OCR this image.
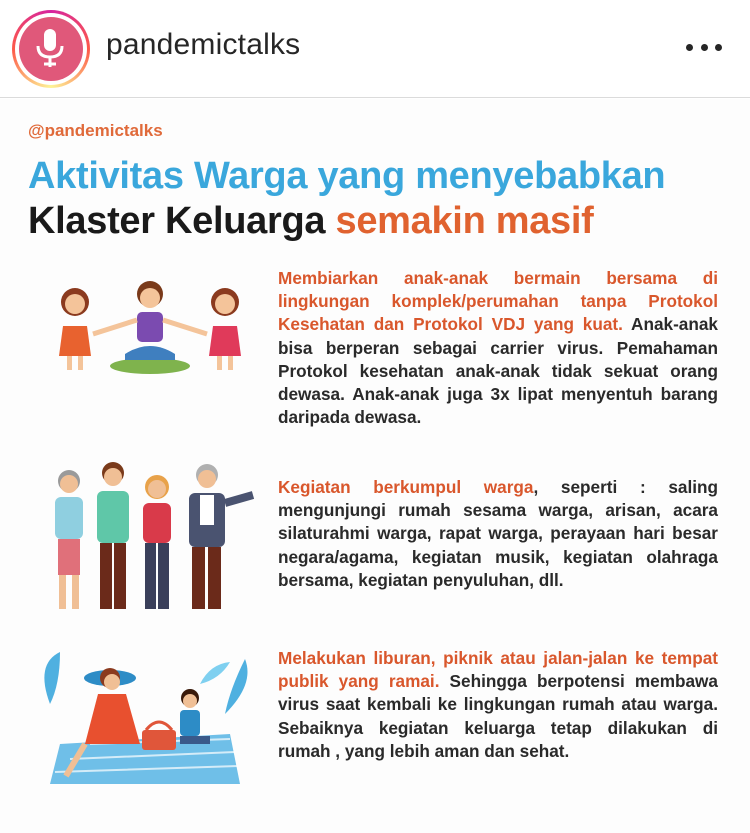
pandemictalks
@pandemictalks
Aktivitas Warga yang menyebabkan
Klaster Keluarga semakin masif
Membiarkan anak-anak bermain bersama di lingkungan komplek/perumahan tanpa Protokol Kesehatan dan Protokol VDJ yang kuat. Anak-anak bisa berperan sebagai carrier virus. Pemahaman Protokol kesehatan anak-anak tidak sekuat orang dewasa. Anak-anak juga 3x lipat menyentuh barang daripada dewasa.
Kegiatan berkumpul warga, seperti : saling mengunjungi rumah sesama warga, arisan, acara silaturahmi warga, rapat warga, perayaan hari besar negara/agama, kegiatan musik, kegiatan olahraga bersama, kegiatan penyuluhan, dll.
Melakukan liburan, piknik atau jalan-jalan ke tempat publik yang ramai. Sehingga berpotensi membawa virus saat kembali ke lingkungan rumah atau warga. Sebaiknya kegiatan keluarga tetap dilakukan di rumah , yang lebih aman dan sehat.
